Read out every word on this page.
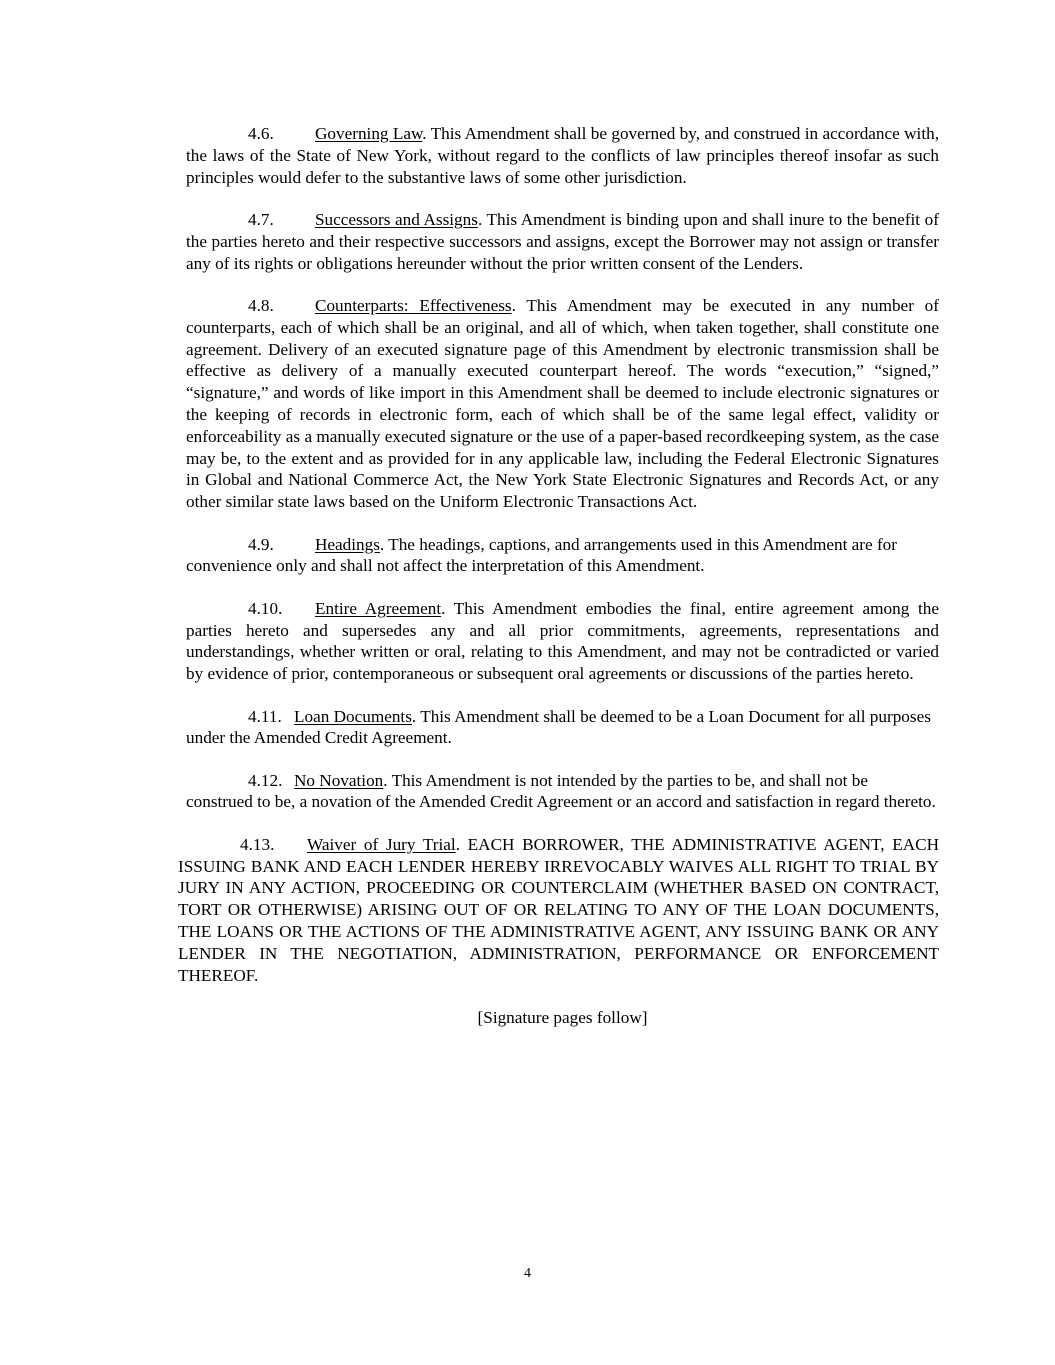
4.6. Governing Law. This Amendment shall be governed by, and construed in accordance with, the laws of the State of New York, without regard to the conflicts of law principles thereof insofar as such principles would defer to the substantive laws of some other jurisdiction.

4.7. Successors and Assigns. This Amendment is binding upon and shall inure to the benefit of the parties hereto and their respective successors and assigns, except the Borrower may not assign or transfer any of its rights or obligations hereunder without the prior written consent of the Lenders.

4.8. Counterparts: Effectiveness. This Amendment may be executed in any number of counterparts, each of which shall be an original, and all of which, when taken together, shall constitute one agreement. Delivery of an executed signature page of this Amendment by electronic transmission shall be effective as delivery of a manually executed counterpart hereof. The words “execution,” “signed,” “signature,” and words of like import in this Amendment shall be deemed to include electronic signatures or the keeping of records in electronic form, each of which shall be of the same legal effect, validity or enforceability as a manually executed signature or the use of a paper-based recordkeeping system, as the case may be, to the extent and as provided for in any applicable law, including the Federal Electronic Signatures in Global and National Commerce Act, the New York State Electronic Signatures and Records Act, or any other similar state laws based on the Uniform Electronic Transactions Act.

4.9. Headings. The headings, captions, and arrangements used in this Amendment are for convenience only and shall not affect the interpretation of this Amendment.

4.10. Entire Agreement. This Amendment embodies the final, entire agreement among the parties hereto and supersedes any and all prior commitments, agreements, representations and understandings, whether written or oral, relating to this Amendment, and may not be contradicted or varied by evidence of prior, contemporaneous or subsequent oral agreements or discussions of the parties hereto.

4.11. Loan Documents. This Amendment shall be deemed to be a Loan Document for all purposes under the Amended Credit Agreement.

4.12. No Novation. This Amendment is not intended by the parties to be, and shall not be construed to be, a novation of the Amended Credit Agreement or an accord and satisfaction in regard thereto.

4.13. Waiver of Jury Trial. EACH BORROWER, THE ADMINISTRATIVE AGENT, EACH ISSUING BANK AND EACH LENDER HEREBY IRREVOCABLY WAIVES ALL RIGHT TO TRIAL BY JURY IN ANY ACTION, PROCEEDING OR COUNTERCLAIM (WHETHER BASED ON CONTRACT, TORT OR OTHERWISE) ARISING OUT OF OR RELATING TO ANY OF THE LOAN DOCUMENTS, THE LOANS OR THE ACTIONS OF THE ADMINISTRATIVE AGENT, ANY ISSUING BANK OR ANY LENDER IN THE NEGOTIATION, ADMINISTRATION, PERFORMANCE OR ENFORCEMENT THEREOF.

[Signature pages follow]

4
